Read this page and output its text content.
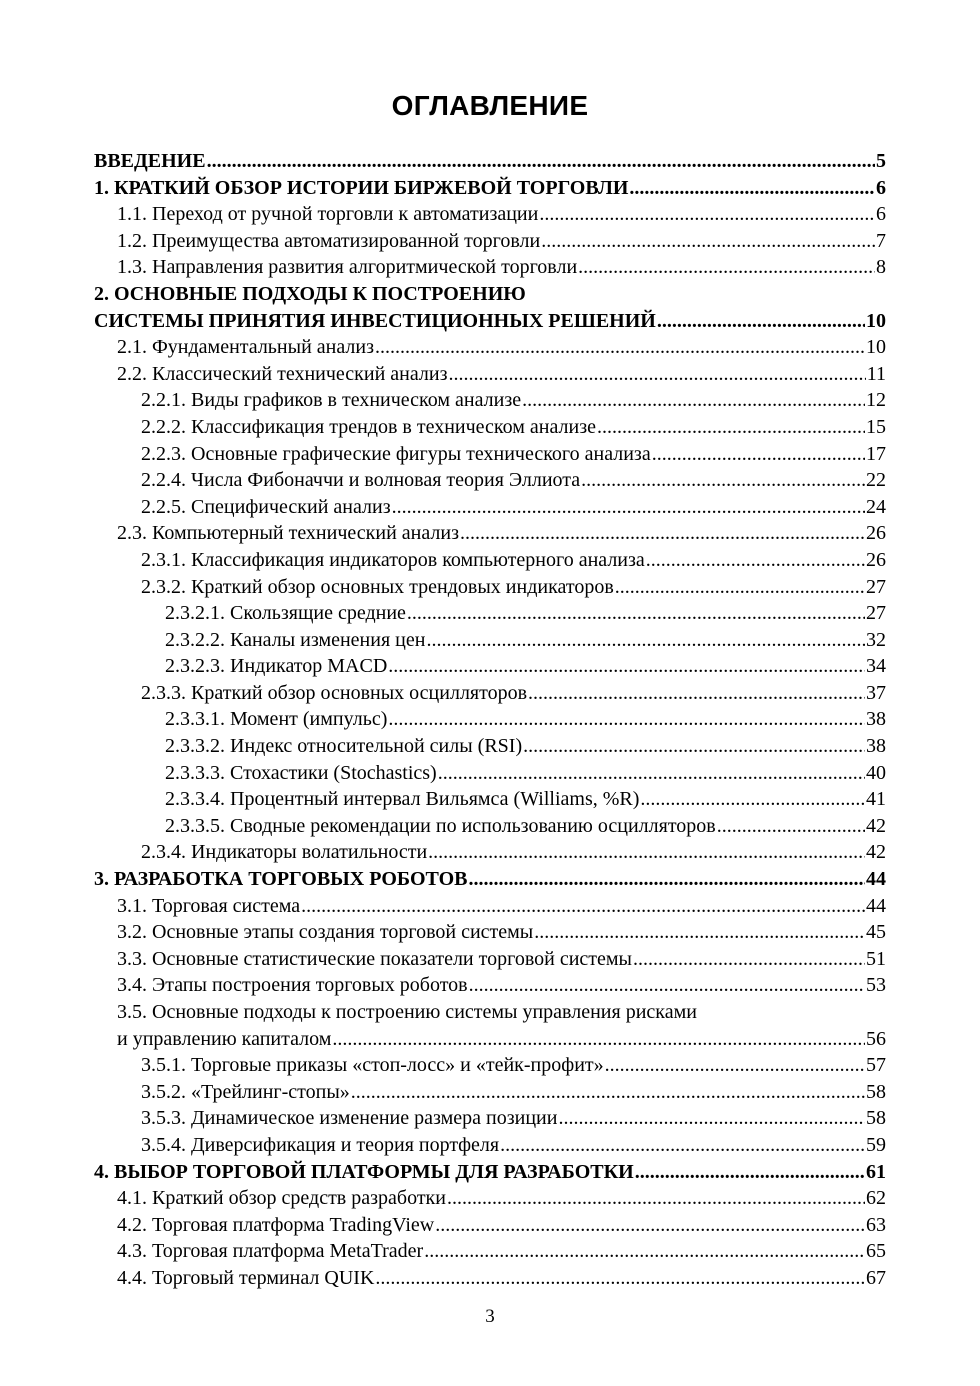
ОГЛАВЛЕНИЕ
ВВЕДЕНИЕ .....	5
1. КРАТКИЙ ОБЗОР ИСТОРИИ БИРЖЕВОЙ ТОРГОВЛИ .....	6
1.1. Переход от ручной торговли к автоматизации .....	6
1.2. Преимущества автоматизированной торговли .....	7
1.3. Направления развития алгоритмической торговли .....	8
2. ОСНОВНЫЕ ПОДХОДЫ К ПОСТРОЕНИЮ
СИСТЕМЫ ПРИНЯТИЯ ИНВЕСТИЦИОННЫХ РЕШЕНИЙ .....	10
2.1. Фундаментальный анализ .....	10
2.2. Классический технический анализ .....	11
2.2.1. Виды графиков в техническом анализе .....	12
2.2.2. Классификация трендов в техническом анализе .....	15
2.2.3. Основные графические фигуры технического анализа .....	17
2.2.4. Числа Фибоначчи и волновая теория Эллиота .....	22
2.2.5. Специфический анализ .....	24
2.3. Компьютерный технический анализ .....	26
2.3.1. Классификация индикаторов компьютерного анализа .....	26
2.3.2. Краткий обзор основных трендовых индикаторов .....	27
2.3.2.1. Скользящие средние .....	27
2.3.2.2. Каналы изменения цен .....	32
2.3.2.3. Индикатор MACD .....	34
2.3.3. Краткий обзор основных осцилляторов .....	37
2.3.3.1. Момент (импульс) .....	38
2.3.3.2. Индекс относительной силы (RSI) .....	38
2.3.3.3. Стохастики (Stochastics) .....	40
2.3.3.4. Процентный интервал Вильямса (Williams, %R) .....	41
2.3.3.5. Сводные рекомендации по использованию осцилляторов .....	42
2.3.4. Индикаторы волатильности .....	42
3. РАЗРАБОТКА ТОРГОВЫХ РОБОТОВ .....	44
3.1. Торговая система .....	44
3.2. Основные этапы создания торговой системы .....	45
3.3. Основные статистические показатели торговой системы .....	51
3.4. Этапы построения торговых роботов .....	53
3.5. Основные подходы к построению системы управления рисками
и управлению капиталом .....	56
3.5.1. Торговые приказы «стоп-лосс» и «тейк-профит» .....	57
3.5.2. «Трейлинг-стопы» .....	58
3.5.3. Динамическое изменение размера позиции .....	58
3.5.4. Диверсификация и теория портфеля .....	59
4. ВЫБОР ТОРГОВОЙ ПЛАТФОРМЫ ДЛЯ РАЗРАБОТКИ .....	61
4.1. Краткий обзор средств разработки .....	62
4.2. Торговая платформа TradingView .....	63
4.3. Торговая платформа MetaTrader .....	65
4.4. Торговый терминал QUIK .....	67
3
